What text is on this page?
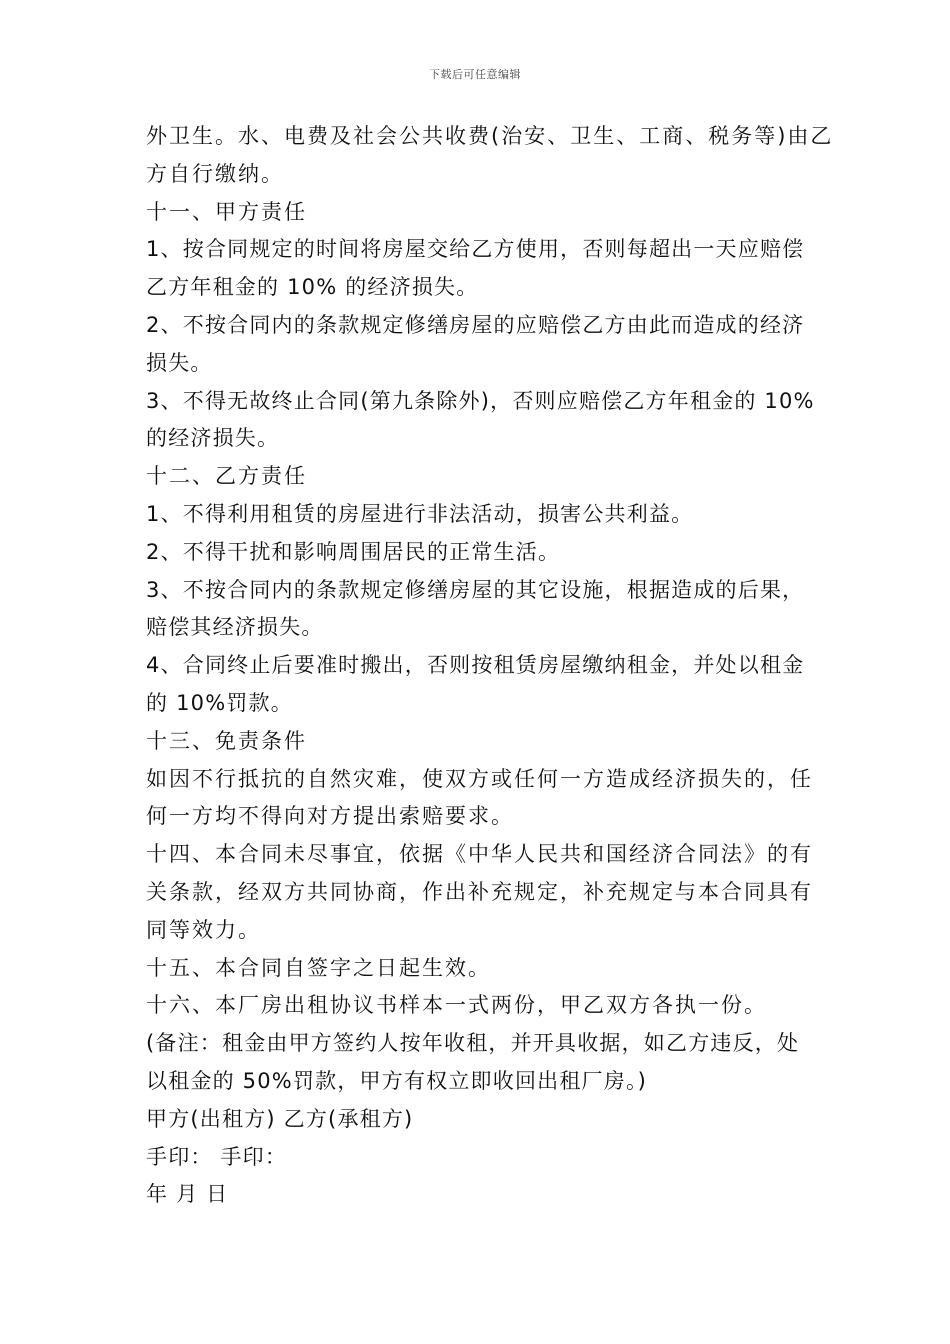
下载后可任意编辑
外卫生。水、电费及社会公共收费(治安、卫生、工商、税务等)由乙
方自行缴纳。
十一、甲方责任
1、按合同规定的时间将房屋交给乙方使用，否则每超出一天应赔偿
乙方年租金的 10% 的经济损失。
2、不按合同内的条款规定修缮房屋的应赔偿乙方由此而造成的经济
损失。
3、不得无故终止合同(第九条除外)，否则应赔偿乙方年租金的 10%
的经济损失。
十二、乙方责任
1、不得利用租赁的房屋进行非法活动，损害公共利益。
2、不得干扰和影响周围居民的正常生活。
3、不按合同内的条款规定修缮房屋的其它设施，根据造成的后果，
赔偿其经济损失。
4、合同终止后要准时搬出，否则按租赁房屋缴纳租金，并处以租金
的 10%罚款。
十三、免责条件
如因不行抵抗的自然灾难，使双方或任何一方造成经济损失的，任
何一方均不得向对方提出索赔要求。
十四、本合同未尽事宜，依据《中华人民共和国经济合同法》的有
关条款，经双方共同协商，作出补充规定，补充规定与本合同具有
同等效力。
十五、本合同自签字之日起生效。
十六、本厂房出租协议书样本一式两份，甲乙双方各执一份。
(备注：租金由甲方签约人按年收租，并开具收据，如乙方违反，处
以租金的 50%罚款，甲方有权立即收回出租厂房。)
甲方(出租方) 乙方(承租方)
手印： 手印：
年 月 日
